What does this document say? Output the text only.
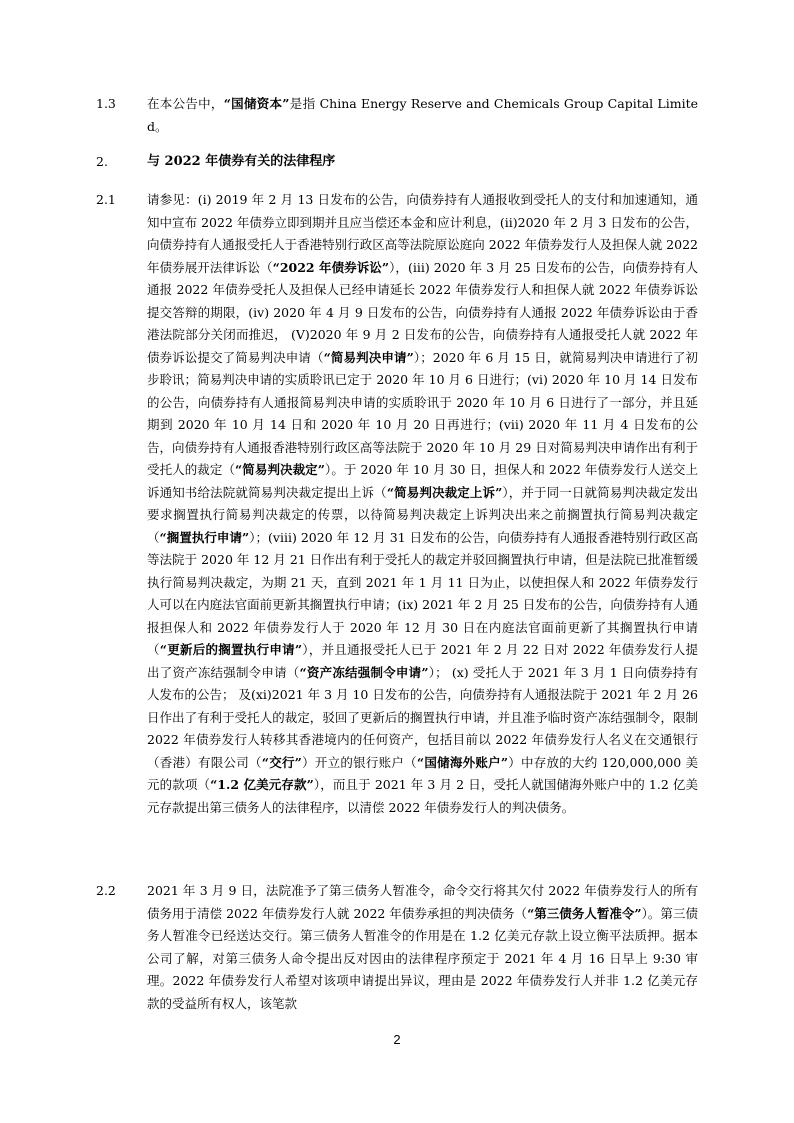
1.3 在本公告中，“国储资本”是指 China Energy Reserve and Chemicals Group Capital Limited。
2.	与 2022 年债券有关的法律程序
2.1 请参见：(i) 2019 年 2 月 13 日发布的公告，向债券持有人通报收到受托人的支付和加速通知，通知中宣布 2022 年债券立即到期并且应当偿还本金和应计利息，(ii)2020 年 2 月 3 日发布的公告，向债券持有人通报受托人于香港特别行政区高等法院原讼庭向 2022 年债券发行人及担保人就 2022 年债券展开法律诉讼（“2022 年债券诉讼”），(iii) 2020 年 3 月 25 日发布的公告，向债券持有人通报 2022 年债券受托人及担保人已经申请延长 2022 年债券发行人和担保人就 2022 年债券诉讼提交答辩的期限，(iv) 2020 年 4 月 9 日发布的公告，向债券持有人通报 2022 年债券诉讼由于香港法院部分关闭而推迟， (V)2020 年 9 月 2 日发布的公告，向债券持有人通报受托人就 2022 年债券诉讼提交了简易判决申请（“简易判决申请”）；2020 年 6 月 15 日，就简易判决申请进行了初步聆讯；简易判决申请的实质聆讯已定于 2020 年 10 月 6 日进行；(vi) 2020 年 10 月 14 日发布的公告，向债券持有人通报简易判决申请的实质聆讯于 2020 年 10 月 6 日进行了一部分，并且延期到 2020 年 10 月 14 日和 2020 年 10 月 20 日再进行；(vii) 2020 年 11 月 4 日发布的公告，向债券持有人通报香港特别行政区高等法院于 2020 年 10 月 29 日对简易判决申请作出有利于受托人的裁定（“简易判决裁定”）。于 2020 年 10 月 30 日，担保人和 2022 年债券发行人送交上诉通知书给法院就简易判决裁定提出上诉（“简易判决裁定上诉”），并于同一日就简易判决裁定发出要求搁置执行简易判决裁定的传票，以待简易判决裁定上诉判决出来之前搁置执行简易判决裁定（“搁置执行申请”）；(viii) 2020 年 12 月 31 日发布的公告，向债券持有人通报香港特别行政区高等法院于 2020 年 12 月 21 日作出有利于受托人的裁定并驳回搁置执行申请，但是法院已批准暂缓执行简易判决裁定，为期 21 天，直到 2021 年 1 月 11 日为止，以使担保人和 2022 年债券发行人可以在内庭法官面前更新其搁置执行申请；(ix) 2021 年 2 月 25 日发布的公告，向债券持有人通报担保人和 2022 年债券发行人于 2020 年 12 月 30 日在内庭法官面前更新了其搁置执行申请（“更新后的搁置执行申请”），并且通报受托人已于 2021 年 2 月 22 日对 2022 年债券发行人提出了资产冻结强制令申请（“资产冻结强制令申请”）； (x) 受托人于 2021 年 3 月 1 日向债券持有人发布的公告； 及(xi)2021 年 3 月 10 日发布的公告，向债券持有人通报法院于 2021 年 2 月 26 日作出了有利于受托人的裁定，驳回了更新后的搁置执行申请，并且准予临时资产冻结强制令，限制 2022 年债券发行人转移其香港境内的任何资产，包括目前以 2022 年债券发行人名义在交通银行（香港）有限公司（“交行”）开立的银行账户（“国储海外账户”）中存放的大约 120,000,000 美元的款项（“1.2 亿美元存款”），而且于 2021 年 3 月 2 日，受托人就国储海外账户中的 1.2 亿美元存款提出第三债务人的法律程序，以清偿 2022 年债券发行人的判决债务。
2.2 2021 年 3 月 9 日，法院准予了第三债务人暂准令，命令交行将其欠付 2022 年债券发行人的所有债务用于清偿 2022 年债券发行人就 2022 年债券承担的判决债务（“第三债务人暂准令”）。第三债务人暂准令已经送达交行。第三债务人暂准令的作用是在 1.2 亿美元存款上设立衡平法质押。据本公司了解，对第三债务人命令提出反对因由的法律程序预定于 2021 年 4 月 16 日早上 9:30 审理。2022 年债券发行人希望对该项申请提出异议，理由是 2022 年债券发行人并非 1.2 亿美元存款的受益所有权人，该笔款
2
